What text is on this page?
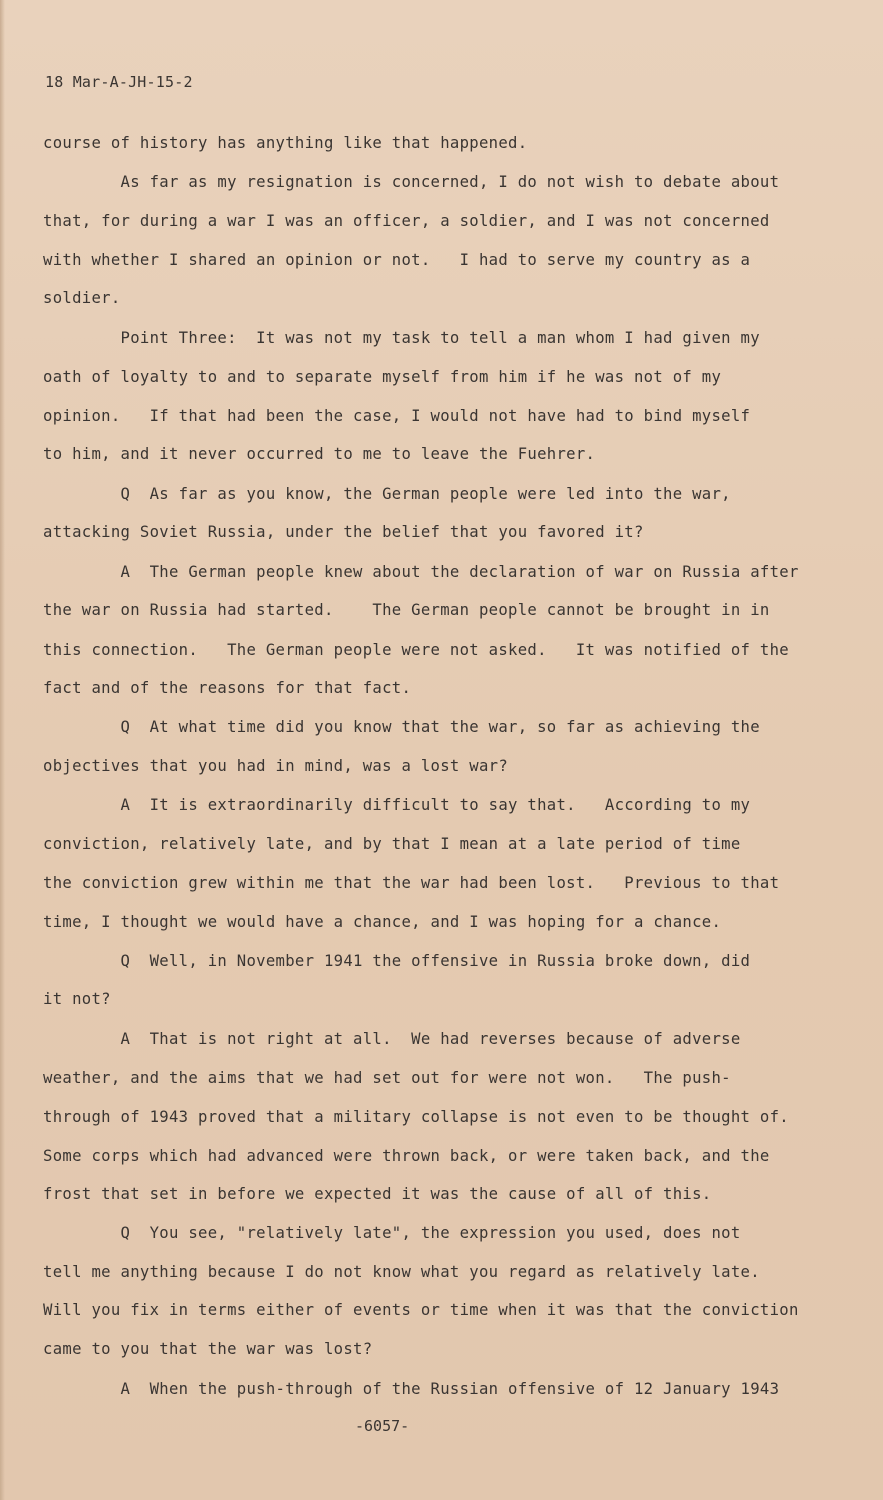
18 Mar-A-JH-15-2
course of history has anything like that happened.
As far as my resignation is concerned, I do not wish to debate about
that, for during a war I was an officer, a soldier, and I was not concerned
with whether I shared an opinion or not.   I had to serve my country as a
soldier.
Point Three:  It was not my task to tell a man whom I had given my
oath of loyalty to and to separate myself from him if he was not of my
opinion.   If that had been the case, I would not have had to bind myself
to him, and it never occurred to me to leave the Fuehrer.
Q  As far as you know, the German people were led into the war,
attacking Soviet Russia, under the belief that you favored it?
A  The German people knew about the declaration of war on Russia after
the war on Russia had started.    The German people cannot be brought in in
this connection.   The German people were not asked.   It was notified of the
fact and of the reasons for that fact.
Q  At what time did you know that the war, so far as achieving the
objectives that you had in mind, was a lost war?
A  It is extraordinarily difficult to say that.   According to my
conviction, relatively late, and by that I mean at a late period of time
the conviction grew within me that the war had been lost.   Previous to that
time, I thought we would have a chance, and I was hoping for a chance.
Q  Well, in November 1941 the offensive in Russia broke down, did
it not?
A  That is not right at all.  We had reverses because of adverse
weather, and the aims that we had set out for were not won.   The push-
through of 1943 proved that a military collapse is not even to be thought of.
Some corps which had advanced were thrown back, or were taken back, and the
frost that set in before we expected it was the cause of all of this.
Q  You see, "relatively late", the expression you used, does not
tell me anything because I do not know what you regard as relatively late.
Will you fix in terms either of events or time when it was that the conviction
came to you that the war was lost?
A  When the push-through of the Russian offensive of 12 January 1943
-6057-
